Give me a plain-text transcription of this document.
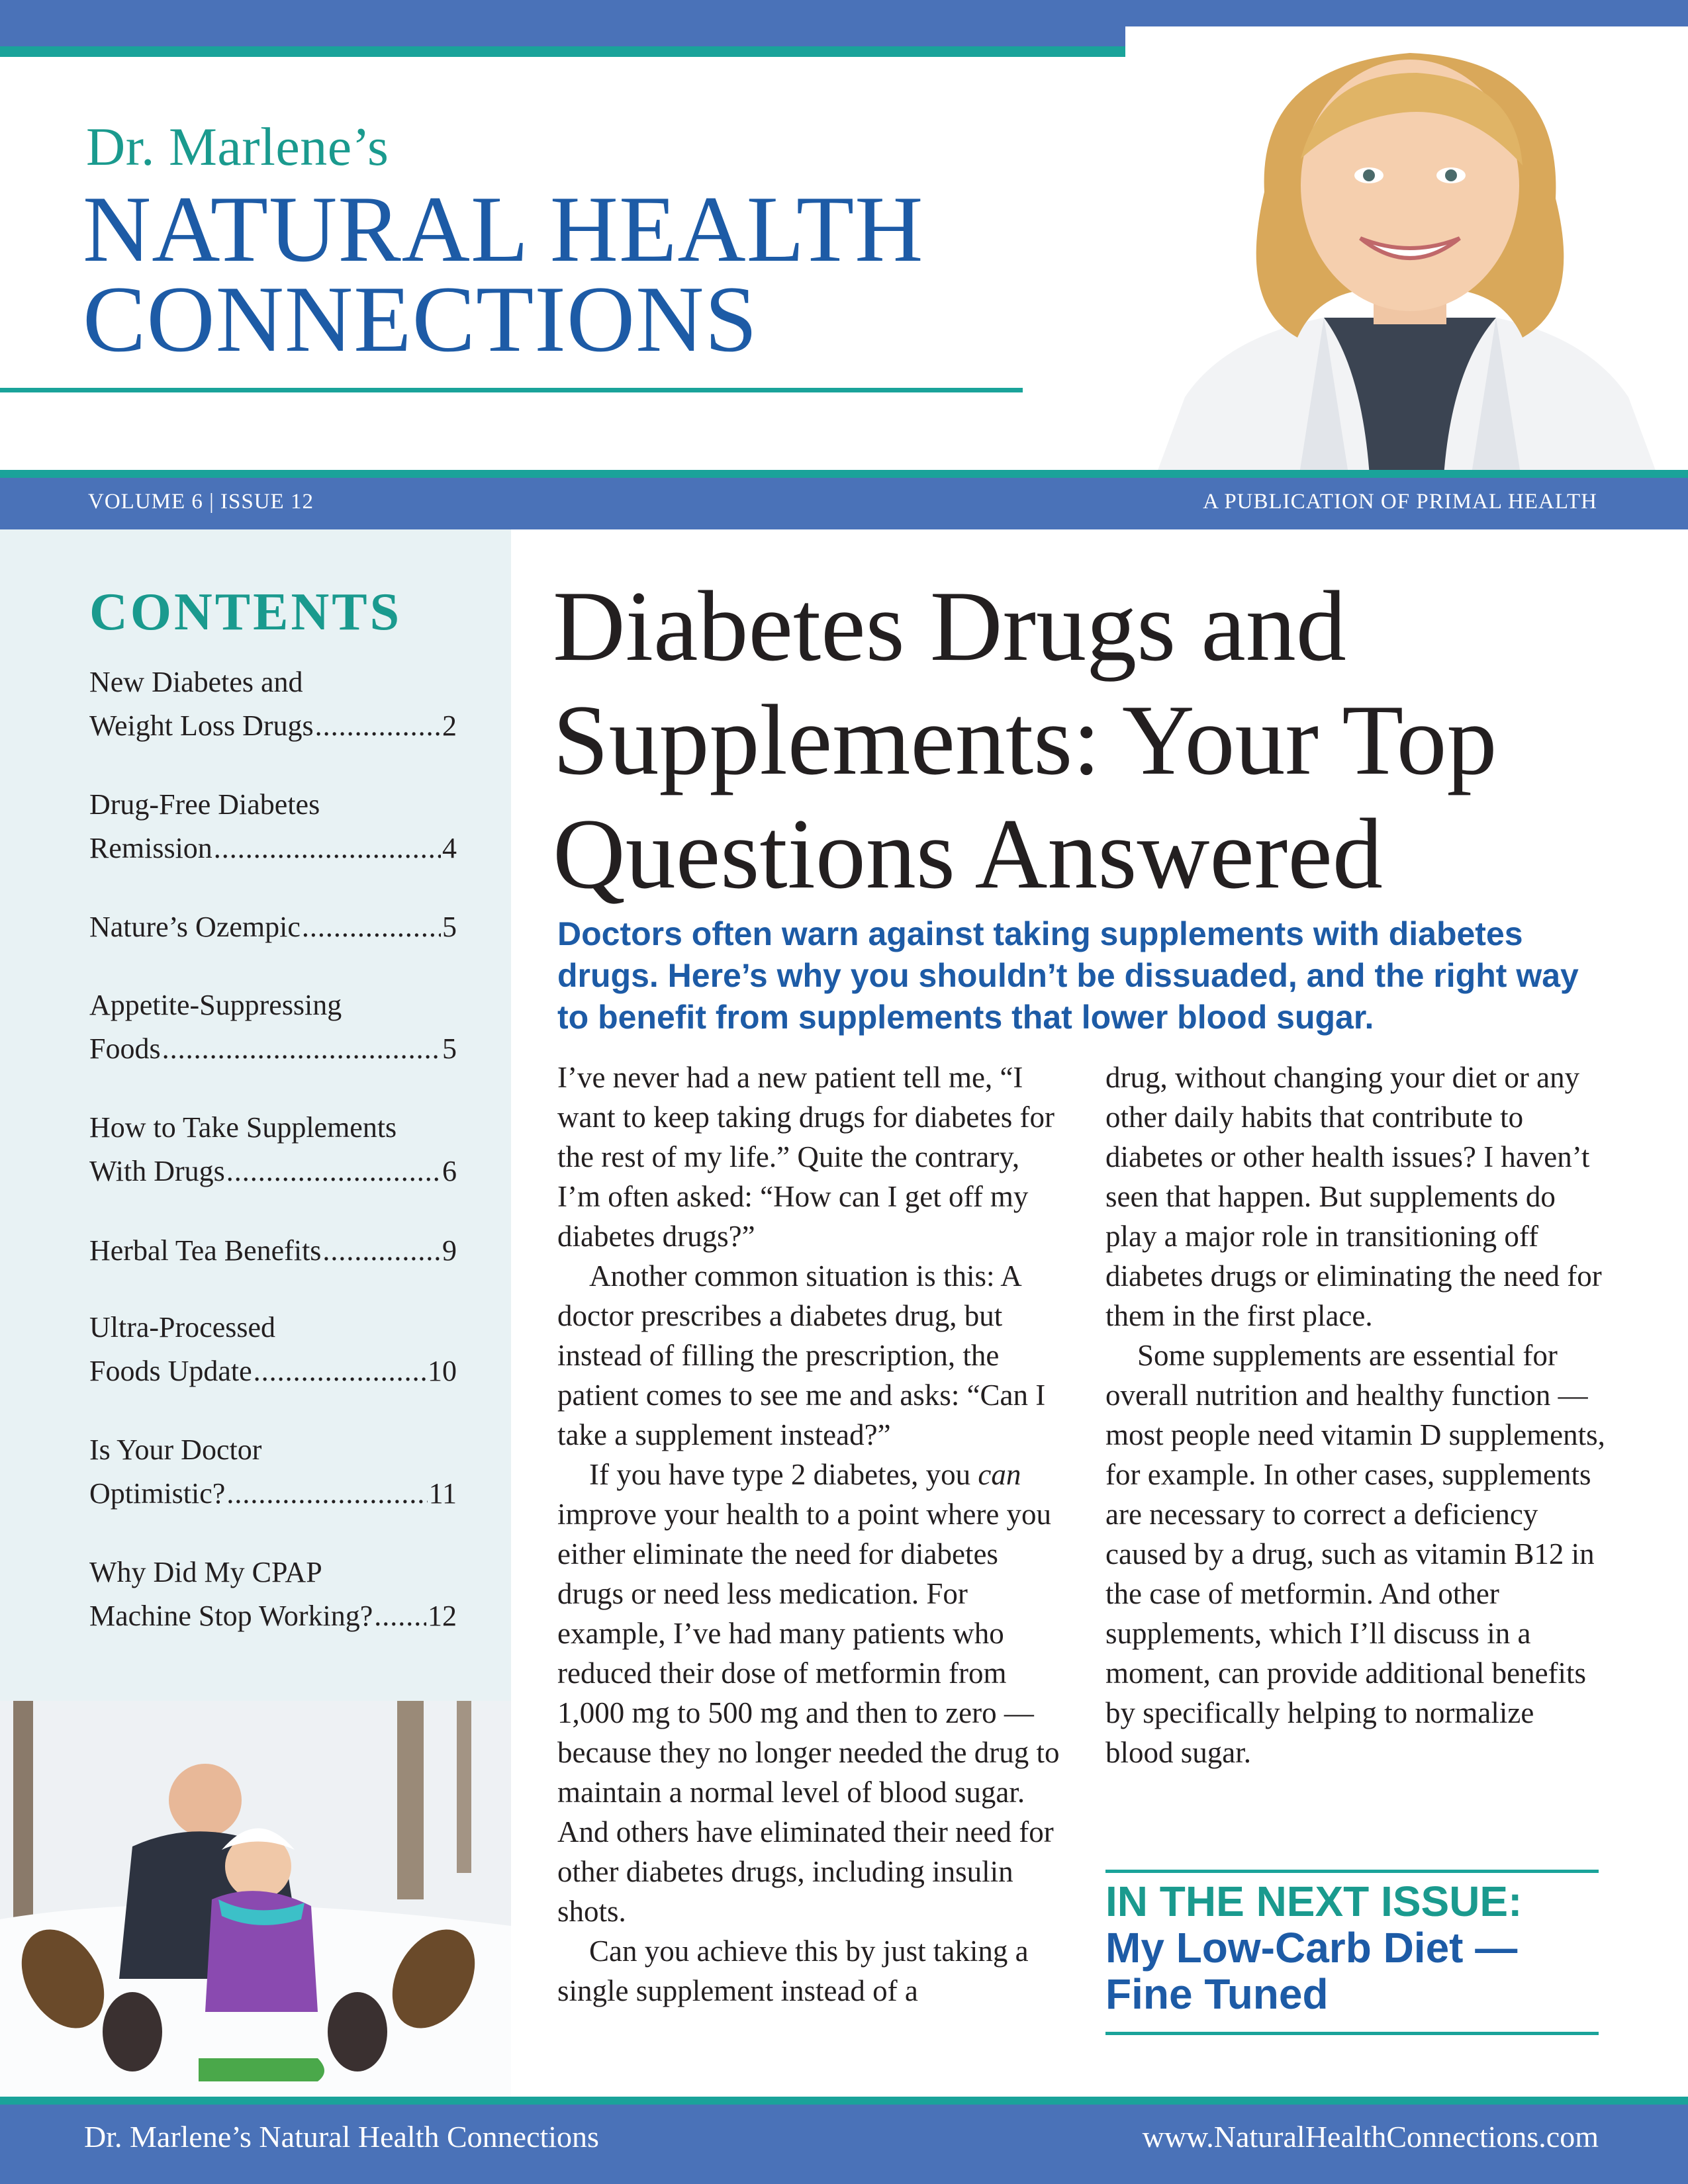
Dr. Marlene’s
NATURAL HEALTH
CONNECTIONS
VOLUME 6 | ISSUE 12	A PUBLICATION OF PRIMAL HEALTH
CONTENTS
New Diabetes and
Weight Loss Drugs .....	2
Drug-Free Diabetes
Remission .....	4
Nature’s Ozempic .....	5
Appetite-Suppressing
Foods .....	5
How to Take Supplements
With Drugs .....	6
Herbal Tea Benefits .....	9
Ultra-Processed
Foods Update .....	10
Is Your Doctor
Optimistic? .....	11
Why Did My CPAP
Machine Stop Working? ..... 12
Diabetes Drugs and
Supplements: Your Top
Questions Answered
Doctors often warn against taking supplements with diabetes drugs. Here’s why you shouldn’t be dissuaded, and the right way to benefit from supplements that lower blood sugar.

I’ve never had a new patient tell me, “I want to keep taking drugs for diabetes for the rest of my life.” Quite the contrary, I’m often asked: “How can I get off my diabetes drugs?”

Another common situation is this: A doctor prescribes a diabetes drug, but instead of filling the prescription, the patient comes to see me and asks: “Can I take a supplement instead?”

If you have type 2 diabetes, you can improve your health to a point where you either eliminate the need for diabetes drugs or need less medication. For example, I’ve had many patients who reduced their dose of metformin from 1,000 mg to 500 mg and then to zero — because they no longer needed the drug to maintain a normal level of blood sugar. And others have eliminated their need for other diabetes drugs, including insulin shots.

Can you achieve this by just taking a single supplement instead of a

drug, without changing your diet or any other daily habits that contribute to diabetes or other health issues? I haven’t seen that happen. But supplements do play a major role in transitioning off diabetes drugs or eliminating the need for them in the first place.

Some supplements are essential for overall nutrition and healthy function — most people need vitamin D supplements, for example. In other cases, supplements are necessary to correct a deficiency caused by a drug, such as vitamin B12 in the case of metformin. And other supplements, which I’ll discuss in a moment, can provide additional benefits by specifically helping to normalize blood sugar.

IN THE NEXT ISSUE:
My Low-Carb Diet — Fine Tuned
Dr. Marlene’s Natural Health Connections	www.NaturalHealthConnections.com
